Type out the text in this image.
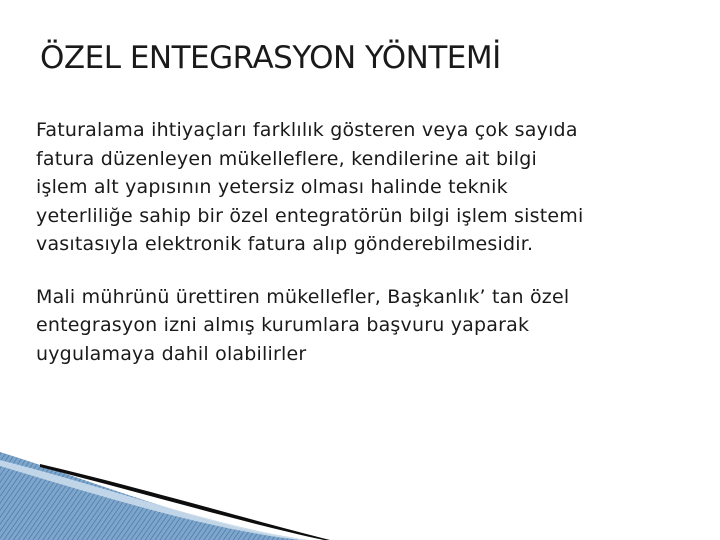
ÖZEL ENTEGRASYON YÖNTEMİ
Faturalama ihtiyaçları farklılık gösteren veya çok sayıda
fatura düzenleyen mükelleflere, kendilerine ait bilgi
işlem alt yapısının yetersiz olması halinde teknik
yeterliliğe sahip bir özel entegratörün bilgi işlem sistemi
vasıtasıyla elektronik fatura alıp gönderebilmesidir.
Mali mührünü ürettiren mükellefler, Başkanlık’ tan özel
entegrasyon izni almış kurumlara başvuru yaparak
uygulamaya dahil olabilirler
